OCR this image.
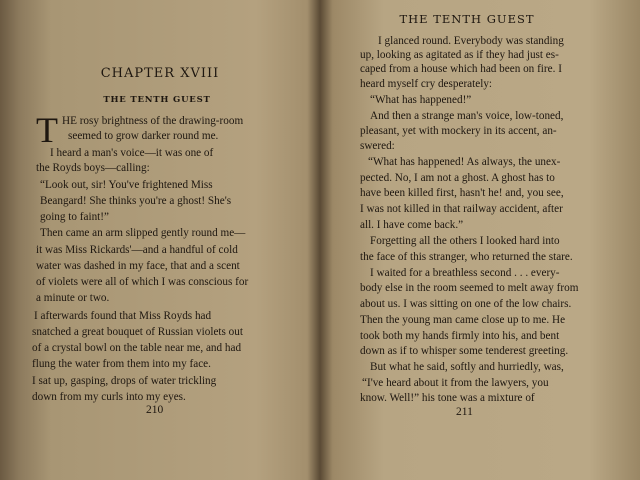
CHAPTER XVIII
THE TENTH GUEST
T HE rosy brightness of the drawing-room
seemed to grow darker round me.
I heard a man's voice—it was one of
the Royds boys—calling:
“Look out, sir! You've frightened Miss
Beangard! She thinks you're a ghost! She's
going to faint!”
Then came an arm slipped gently round me—
it was Miss Rickards'—and a handful of cold
water was dashed in my face, that and a scent
of violets were all of which I was conscious for
a minute or two.
I afterwards found that Miss Royds had
snatched a great bouquet of Russian violets out
of a crystal bowl on the table near me, and had
flung the water from them into my face.
I sat up, gasping, drops of water trickling
down from my curls into my eyes.
210
THE TENTH GUEST
I glanced round. Everybody was standing
up, looking as agitated as if they had just es-
caped from a house which had been on fire. I
heard myself cry desperately:
“What has happened!”
And then a strange man's voice, low-toned,
pleasant, yet with mockery in its accent, an-
swered:
“What has happened! As always, the unex-
pected. No, I am not a ghost. A ghost has to
have been killed first, hasn't he! and, you see,
I was not killed in that railway accident, after
all. I have come back.”
Forgetting all the others I looked hard into
the face of this stranger, who returned the stare.
I waited for a breathless second . . . every-
body else in the room seemed to melt away from
about us. I was sitting on one of the low chairs.
Then the young man came close up to me. He
took both my hands firmly into his, and bent
down as if to whisper some tenderest greeting.
But what he said, softly and hurriedly, was,
“I've heard about it from the lawyers, you
know. Well!” his tone was a mixture of
211
